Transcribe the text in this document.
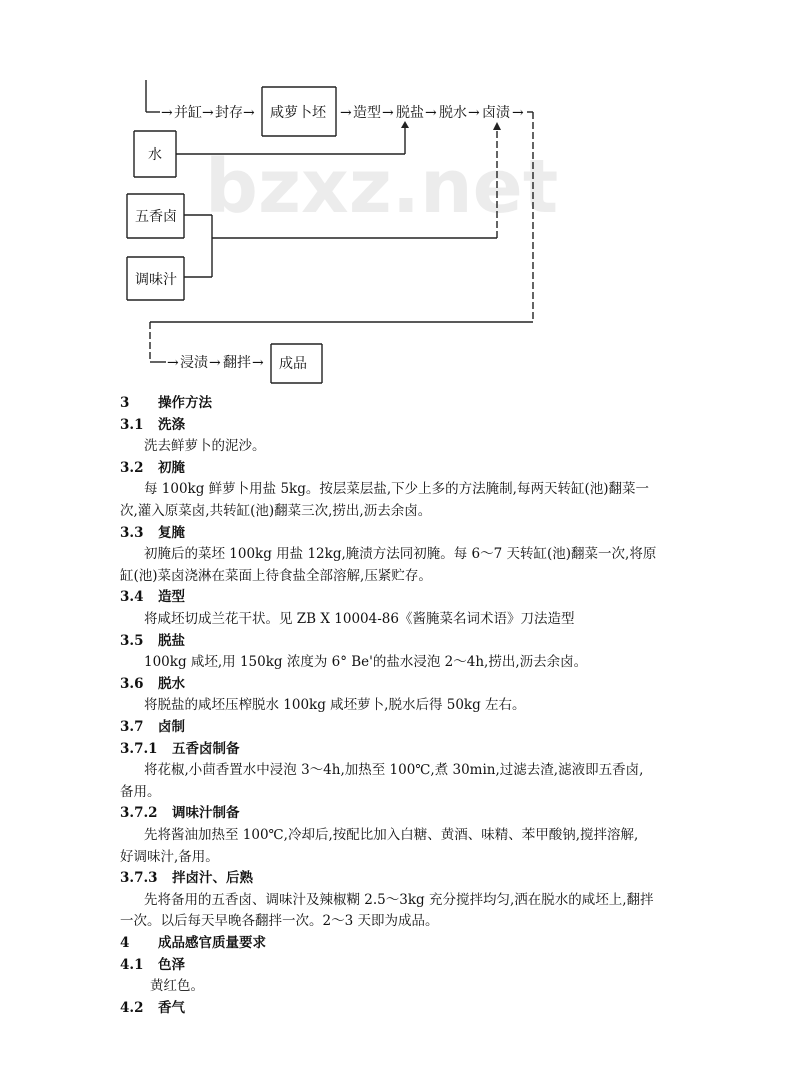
bzxz.net
→ 并缸 → 封存 → 咸萝卜坯 → 造型 → 脱盐 → 脱水 → 卤渍 →
水
五香卤
调味汁
→ 浸渍 → 翻拌 → 成品
3 操作方法
3.1 洗涤
洗去鲜萝卜的泥沙。
3.2 初腌
每 100kg 鲜萝卜用盐 5kg。按层菜层盐,下少上多的方法腌制,每两天转缸(池)翻菜一
次,灌入原菜卤,共转缸(池)翻菜三次,捞出,沥去余卤。
3.3 复腌
初腌后的菜坯 100kg 用盐 12kg,腌渍方法同初腌。每 6～7 天转缸(池)翻菜一次,将原
缸(池)菜卤浇淋在菜面上待食盐全部溶解,压紧贮存。
3.4 造型
将咸坯切成兰花干状。见 ZB X 10004-86《酱腌菜名词术语》刀法造型
3.5 脱盐
100kg 咸坯,用 150kg 浓度为 6° Be'的盐水浸泡 2～4h,捞出,沥去余卤。
3.6 脱水
将脱盐的咸坯压榨脱水 100kg 咸坯萝卜,脱水后得 50kg 左右。
3.7 卤制
3.7.1 五香卤制备
将花椒,小茴香置水中浸泡 3～4h,加热至 100℃,煮 30min,过滤去渣,滤液即五香卤,
备用。
3.7.2 调味汁制备
先将酱油加热至 100℃,冷却后,按配比加入白糖、黄酒、味精、苯甲酸钠,搅拌溶解,
好调味汁,备用。
3.7.3 拌卤汁、后熟
先将备用的五香卤、调味汁及辣椒糊 2.5～3kg 充分搅拌均匀,洒在脱水的咸坯上,翻拌
一次。以后每天早晚各翻拌一次。2～3 天即为成品。
4 成品感官质量要求
4.1 色泽
黄红色。
4.2 香气
